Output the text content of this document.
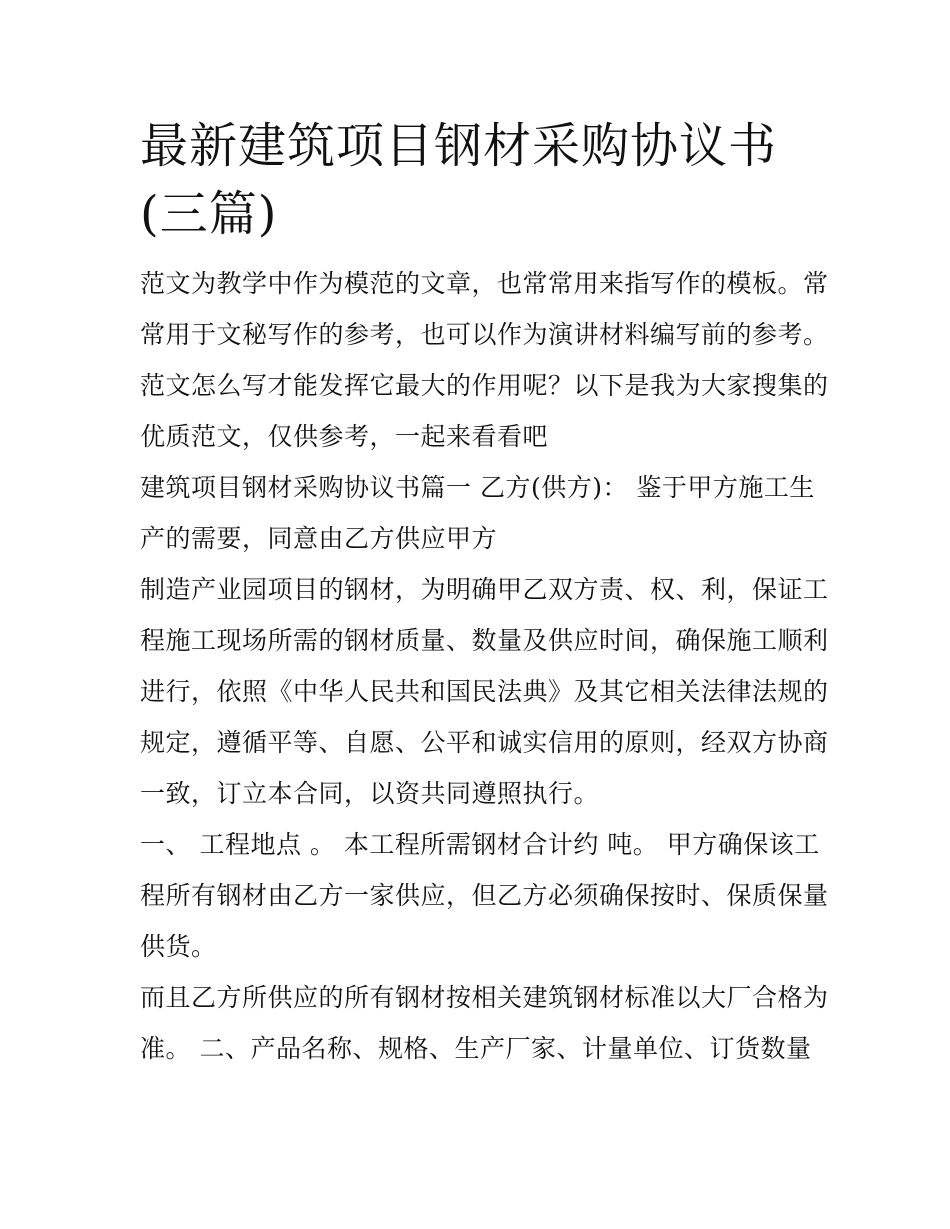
最新建筑项目钢材采购协议书
(三篇)

范文为教学中作为模范的文章，也常常用来指写作的模板。常
常用于文秘写作的参考，也可以作为演讲材料编写前的参考。
范文怎么写才能发挥它最大的作用呢？以下是我为大家搜集的
优质范文，仅供参考，一起来看看吧

建筑项目钢材采购协议书篇一 乙方(供方)： 鉴于甲方施工生
产的需要，同意由乙方供应甲方

制造产业园项目的钢材，为明确甲乙双方责、权、利，保证工
程施工现场所需的钢材质量、数量及供应时间，确保施工顺利
进行，依照《中华人民共和国民法典》及其它相关法律法规的
规定，遵循平等、自愿、公平和诚实信用的原则，经双方协商
一致，订立本合同，以资共同遵照执行。

一、 工程地点 。 本工程所需钢材合计约 吨。 甲方确保该工
程所有钢材由乙方一家供应，但乙方必须确保按时、保质保量
供货。

而且乙方所供应的所有钢材按相关建筑钢材标准以大厂合格为
准。 二、产品名称、规格、生产厂家、计量单位、订货数量
